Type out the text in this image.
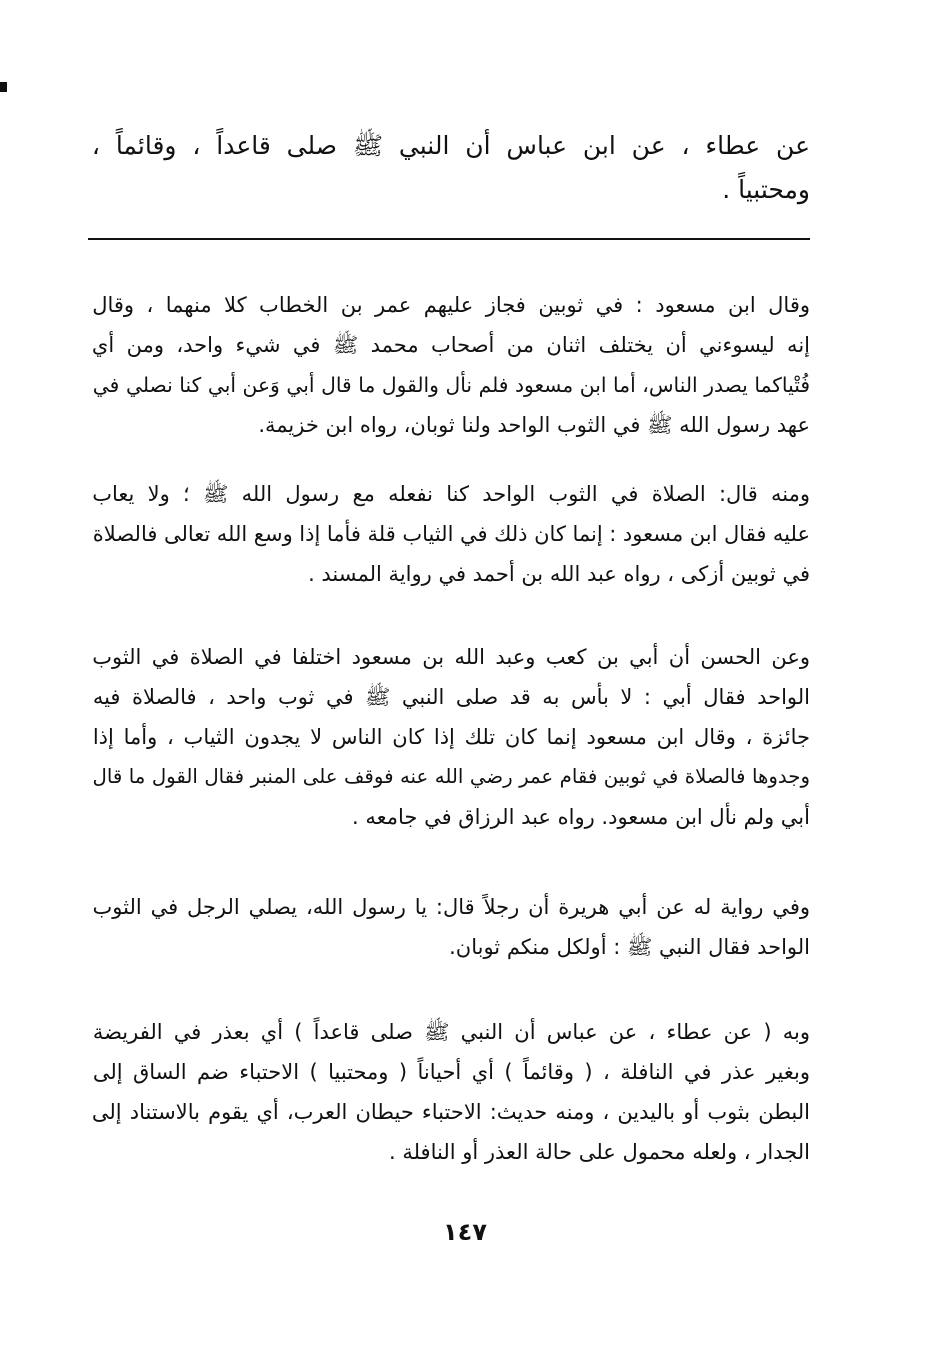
عن عطاء ، عن ابن عباس أن النبي ﷺ صلى قاعداً ، وقائماً ،
ومحتبياً .
وقال ابن مسعود : في ثوبين فجاز عليهم عمر بن الخطاب كلا منهما ، وقال
إنه ليسوءني أن يختلف اثنان من أصحاب محمد ﷺ في شيء واحد، ومن أي
فُتْياكما يصدر الناس، أما ابن مسعود فلم نأل والقول ما قال أبي وَعن أبي كنا نصلي في
عهد رسول الله ﷺ في الثوب الواحد ولنا ثوبان، رواه ابن خزيمة.
ومنه قال: الصلاة في الثوب الواحد كنا نفعله مع رسول الله ﷺ ؛ ولا يعاب
عليه فقال ابن مسعود : إنما كان ذلك في الثياب قلة فأما إذا وسع الله تعالى فالصلاة
في ثوبين أزكى ، رواه عبد الله بن أحمد في رواية المسند .
وعن الحسن أن أبي بن كعب وعبد الله بن مسعود اختلفا في الصلاة في الثوب
الواحد فقال أبي : لا بأس به قد صلى النبي ﷺ في ثوب واحد ، فالصلاة فيه
جائزة ، وقال ابن مسعود إنما كان تلك إذا كان الناس لا يجدون الثياب ، وأما إذا
وجدوها فالصلاة في ثوبين فقام عمر رضي الله عنه فوقف على المنبر فقال القول ما قال
أبي ولم نأل ابن مسعود. رواه عبد الرزاق في جامعه .
وفي رواية له عن أبي هريرة أن رجلاً قال: يا رسول الله، يصلي الرجل في الثوب
الواحد فقال النبي ﷺ : أولكل منكم ثوبان.
وبه ( عن عطاء ، عن عباس أن النبي ﷺ صلى قاعداً ) أي بعذر في الفريضة
وبغير عذر في النافلة ، ( وقائماً ) أي أحياناً ( ومحتبيا ) الاحتباء ضم الساق إلى
البطن بثوب أو باليدين ، ومنه حديث: الاحتباء حيطان العرب، أي يقوم بالاستناد إلى
الجدار ، ولعله محمول على حالة العذر أو النافلة .
١٤٧
